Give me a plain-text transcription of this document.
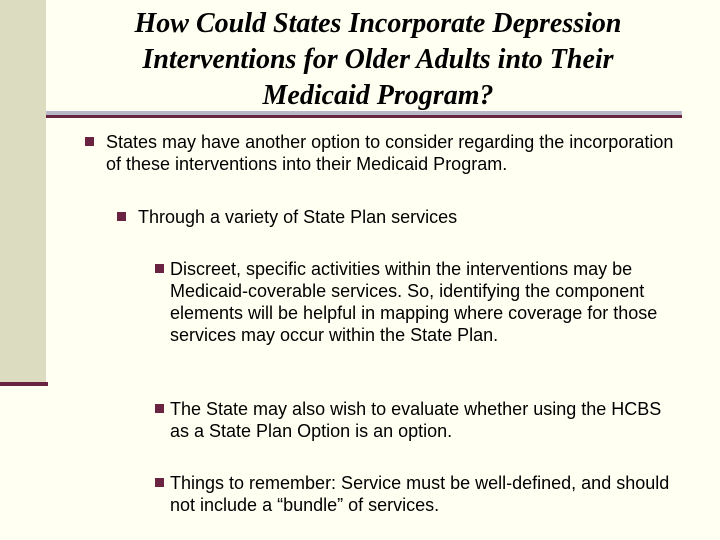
How Could States Incorporate Depression
Interventions for Older Adults into Their
Medicaid Program?
States may have another option to consider regarding the incorporation of these interventions into their Medicaid Program.
Through a variety of State Plan services
Discreet, specific activities within the interventions may be Medicaid-coverable services. So, identifying the component elements will be helpful in mapping where coverage for those services may occur within the State Plan.
The State may also wish to evaluate whether using the HCBS as a State Plan Option is an option.
Things to remember: Service must be well-defined, and should not include a “bundle” of services.
